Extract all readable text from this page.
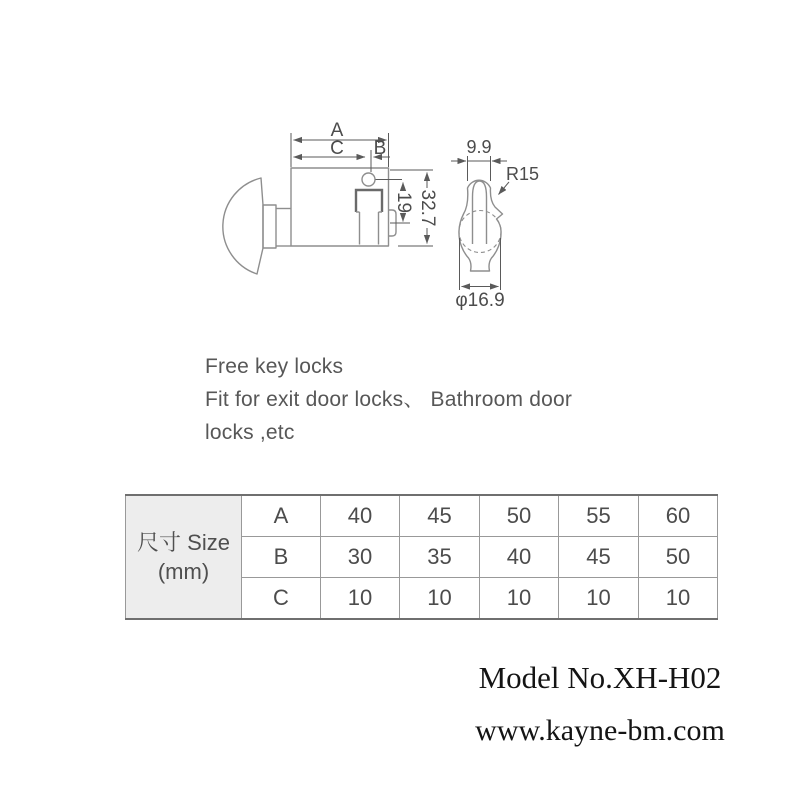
A
C B
19 32.7
9.9
R15
φ16.9
Free key locks
Fit for exit door locks、 Bathroom door
locks ,etc
尺寸 Size
(mm)	A	40	45	50	55	60
	B	30	35	40	45	50
	C	10	10	10	10	10
Model No.XH-H02
www.kayne-bm.com
